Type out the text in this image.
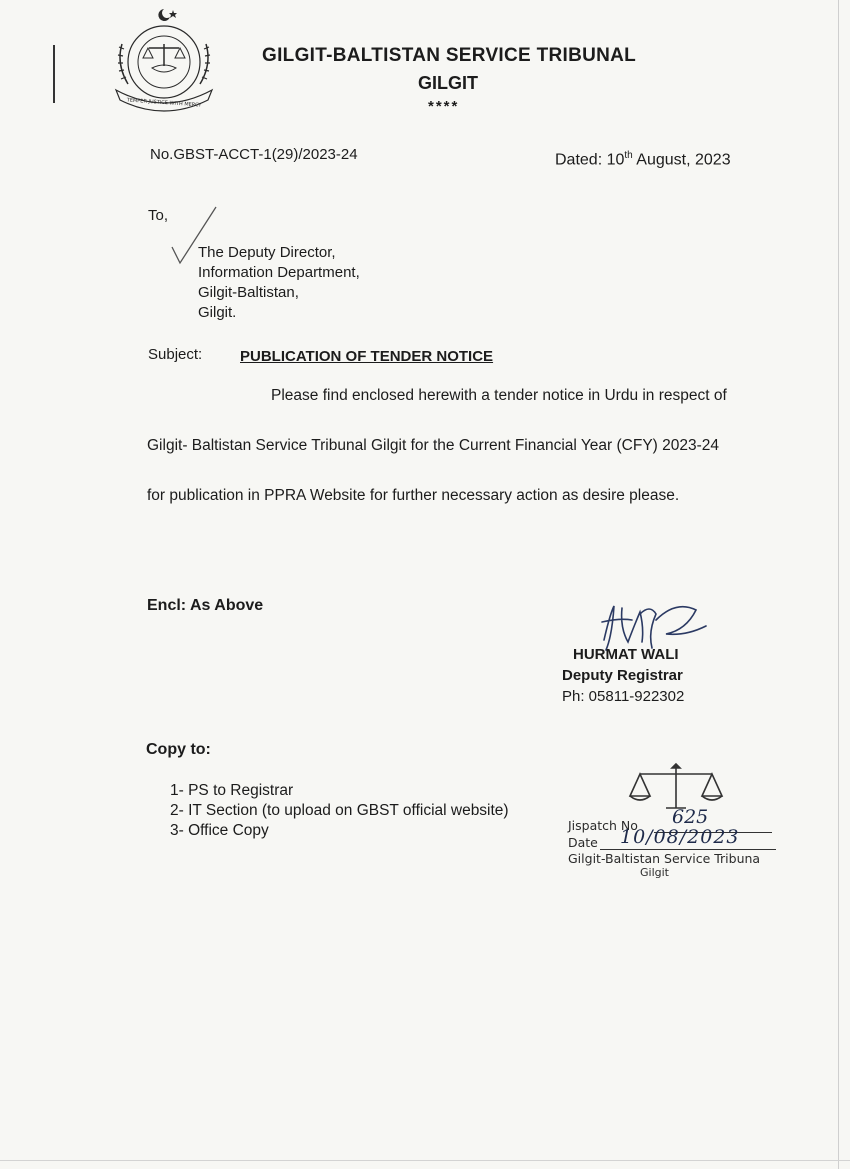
TEMPER JUSTICE WITH MERCY
GILGIT-BALTISTAN SERVICE TRIBUNAL
GILGIT
****
No.GBST-ACCT-1(29)/2023-24	Dated: 10th August, 2023
To,
The Deputy Director,
Information Department,
Gilgit-Baltistan,
Gilgit.
Subject:	PUBLICATION OF TENDER NOTICE
Please find enclosed herewith a tender notice in Urdu in respect of
Gilgit- Baltistan Service Tribunal Gilgit for the Current Financial Year (CFY) 2023-24
for publication in PPRA Website for further necessary action as desire please.
Encl: As Above
HURMAT WALI
Deputy Registrar
Ph: 05811-922302
Copy to:
1- PS to Registrar
2- IT Section (to upload on GBST official website)
3- Office Copy	Jispatch No 625
Date 10/08/2023
Gilgit-Baltistan Service Tribuna
Gilgit
